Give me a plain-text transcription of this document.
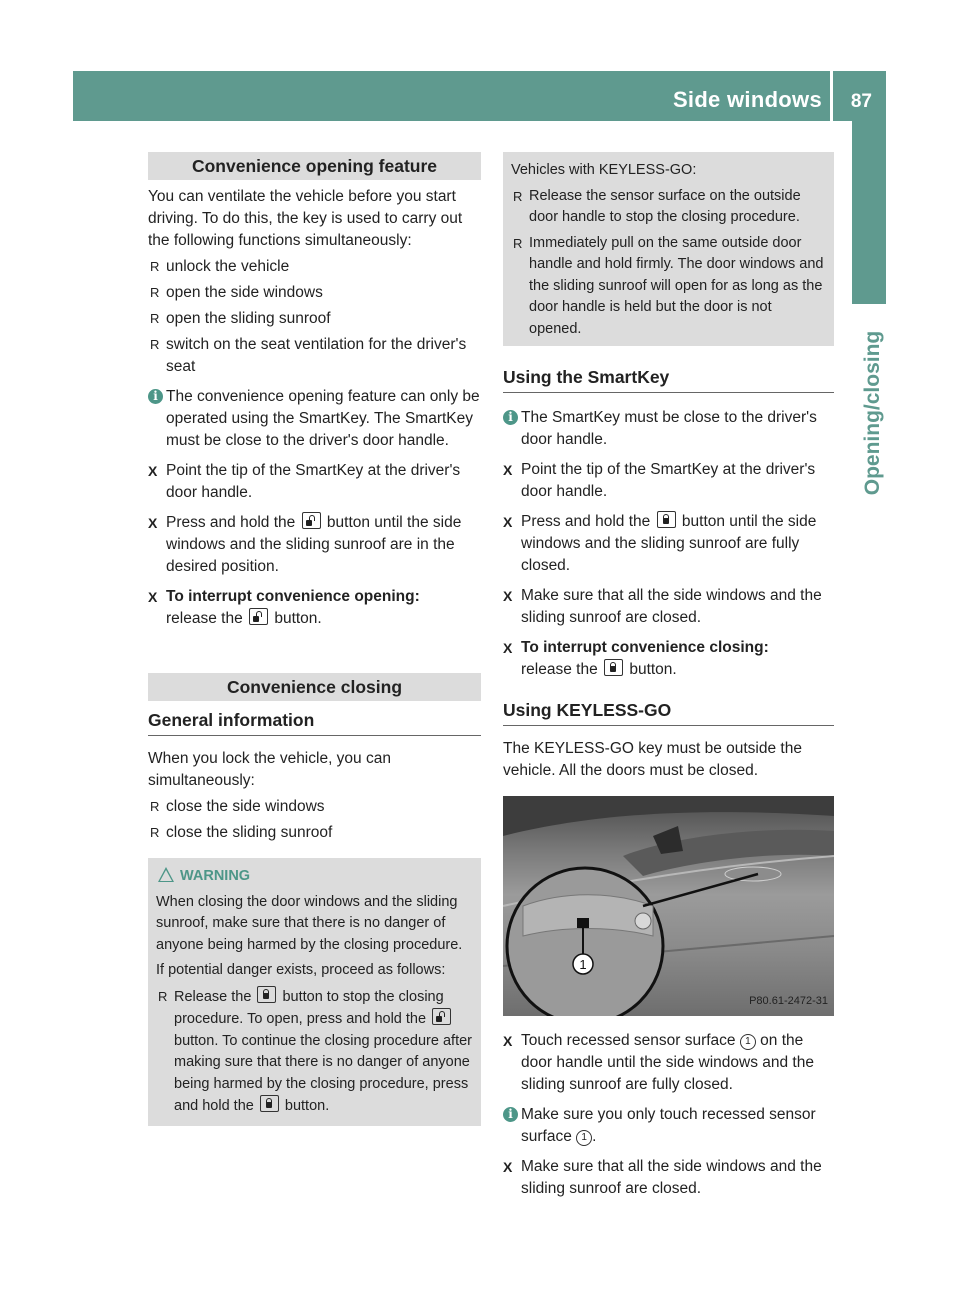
Side windows 87
Opening/closing
Convenience opening feature

You can ventilate the vehicle before you start driving. To do this, the key is used to carry out the following functions simultaneously:

R unlock the vehicle
R open the side windows
R open the sliding sunroof
R switch on the seat ventilation for the driver's seat
i The convenience opening feature can only be operated using the SmartKey. The SmartKey must be close to the driver's door handle.
X Point the tip of the SmartKey at the driver's door handle.
X Press and hold the button until the side windows and the sliding sunroof are in the desired position.
X To interrupt convenience opening:
release the button.
Convenience closing
General information

When you lock the vehicle, you can simultaneously:

R close the side windows
R close the sliding sunroof
WARNING

When closing the door windows and the sliding sunroof, make sure that there is no danger of anyone being harmed by the closing procedure.

If potential danger exists, proceed as follows:

R Release the button to stop the closing procedure. To open, press and hold the  button. To continue the closing procedure after making sure that there is no danger of anyone being harmed by the closing procedure, press and hold the button.

Vehicles with KEYLESS-GO:

R Release the sensor surface on the outside door handle to stop the closing procedure.
R Immediately pull on the same outside door handle and hold firmly. The door windows and the sliding sunroof will open for as long as the door handle is held but the door is not opened.
Using the SmartKey
i The SmartKey must be close to the driver's door handle.
X Point the tip of the SmartKey at the driver's door handle.
X Press and hold the button until the side windows and the sliding sunroof are fully closed.
X Make sure that all the side windows and the sliding sunroof are closed.
X To interrupt convenience closing:
release the button.
Using KEYLESS-GO

The KEYLESS-GO key must be outside the vehicle. All the doors must be closed.

1
P80.61-2472-31
X Touch recessed sensor surface 1 on the door handle until the side windows and the sliding sunroof are fully closed.
i Make sure you only touch recessed sensor surface 1 .
X Make sure that all the side windows and the sliding sunroof are closed.
